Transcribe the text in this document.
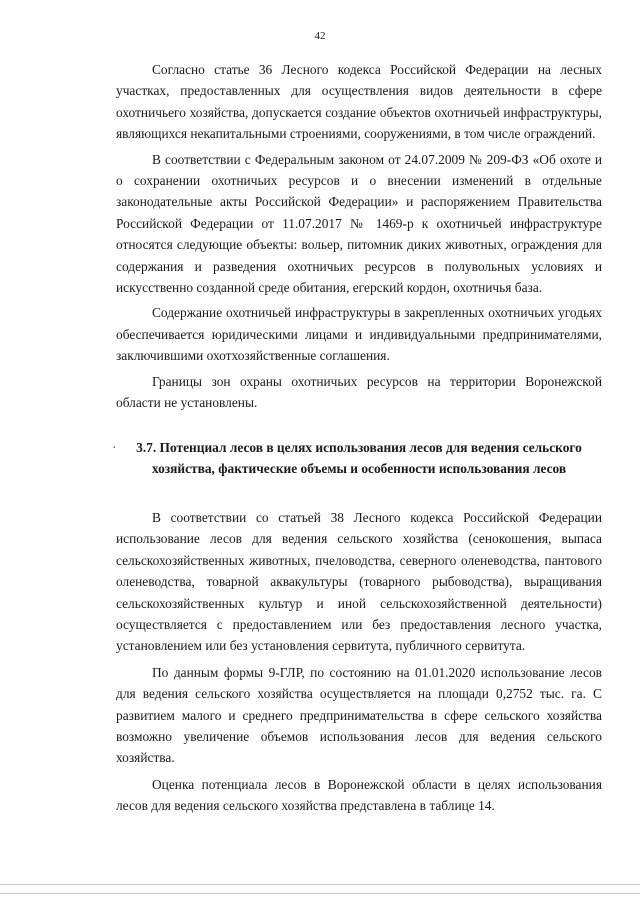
42

Согласно статье 36 Лесного кодекса Российской Федерации на лесных участках, предоставленных для осуществления видов деятельности в сфере охотничьего хозяйства, допускается создание объектов охотничьей инфраструктуры, являющихся некапитальными строениями, сооружениями, в том числе ограждений.

В соответствии с Федеральным законом от 24.07.2009 № 209-ФЗ «Об охоте и о сохранении охотничьих ресурсов и о внесении изменений в отдельные законодательные акты Российской Федерации» и распоряжением Правительства Российской Федерации от 11.07.2017 № 1469-р к охотничьей инфраструктуре относятся следующие объекты: вольер, питомник диких животных, ограждения для содержания и разведения охотничьих ресурсов в полувольных условиях и искусственно созданной среде обитания, егерский кордон, охотничья база.

Содержание охотничьей инфраструктуры в закрепленных охотничьих угодьях обеспечивается юридическими лицами и индивидуальными предпринимателями, заключившими охотхозяйственные соглашения.

Границы зон охраны охотничьих ресурсов на территории Воронежской области не установлены.

· 3.7. Потенциал лесов в целях использования лесов для ведения сельского хозяйства, фактические объемы и особенности использования лесов

В соответствии со статьей 38 Лесного кодекса Российской Федерации использование лесов для ведения сельского хозяйства (сенокошения, выпаса сельскохозяйственных животных, пчеловодства, северного оленеводства, пантового оленеводства, товарной аквакультуры (товарного рыбоводства), выращивания сельскохозяйственных культур и иной сельскохозяйственной деятельности) осуществляется с предоставлением или без предоставления лесного участка, установлением или без установления сервитута, публичного сервитута.

По данным формы 9-ГЛР, по состоянию на 01.01.2020 использование лесов для ведения сельского хозяйства осуществляется на площади 0,2752 тыс. га. С развитием малого и среднего предпринимательства в сфере сельского хозяйства возможно увеличение объемов использования лесов для ведения сельского хозяйства.

Оценка потенциала лесов в Воронежской области в целях использования лесов для ведения сельского хозяйства представлена в таблице 14.
